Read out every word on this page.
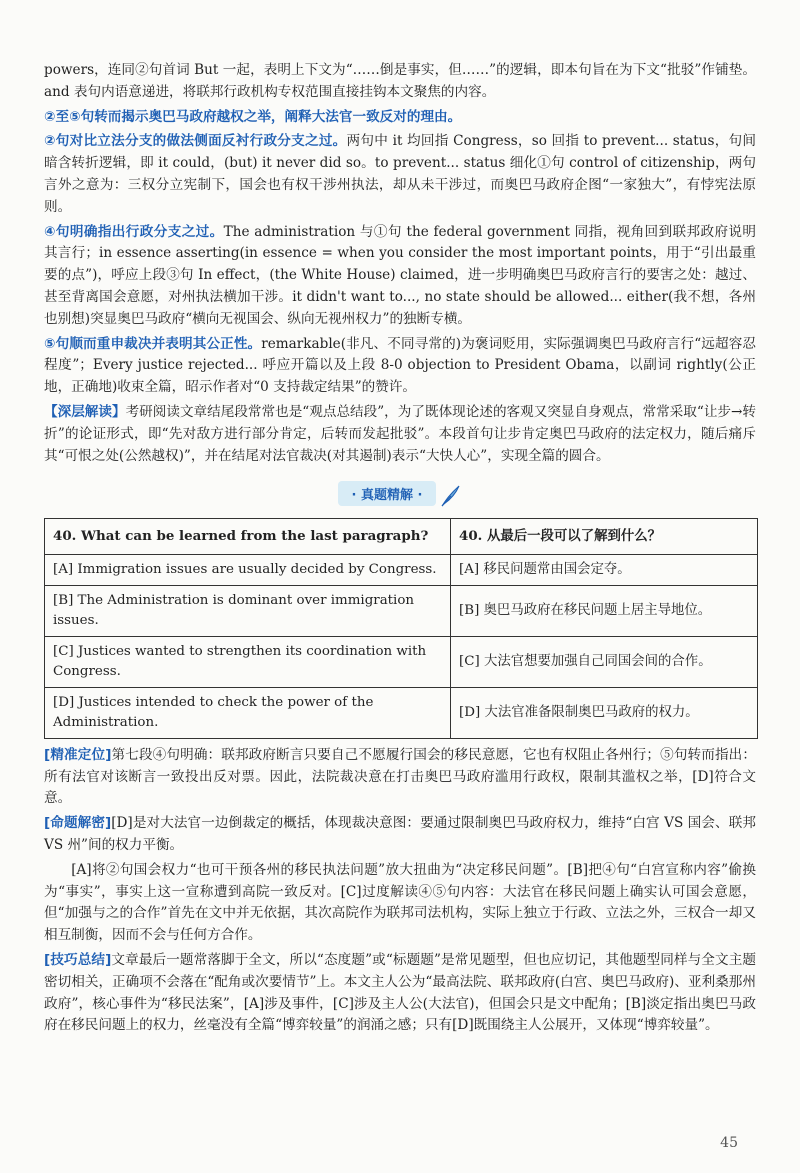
powers，连同②句首词 But 一起，表明上下文为“……倒是事实，但……”的逻辑，即本句旨在为下文“批驳”作铺垫。and 表句内语意递进，将联邦行政机构专权范围直接挂钩本文聚焦的内容。

②至⑤句转而揭示奥巴马政府越权之举，阐释大法官一致反对的理由。

②句对比立法分支的做法侧面反衬行政分支之过。两句中 it 均回指 Congress，so 回指 to prevent... status，句间暗含转折逻辑，即 it could，(but) it never did so。to prevent... status 细化①句 control of citizenship，两句言外之意为：三权分立宪制下，国会也有权干涉州执法，却从未干涉过，而奥巴马政府企图“一家独大”，有悖宪法原则。

④句明确指出行政分支之过。The administration 与①句 the federal government 同指，视角回到联邦政府说明其言行；in essence asserting(in essence = when you consider the most important points，用于“引出最重要的点”)，呼应上段③句 In effect，(the White House) claimed，进一步明确奥巴马政府言行的要害之处：越过、甚至背离国会意愿，对州执法横加干涉。it didn't want to..., no state should be allowed... either(我不想，各州也别想)突显奥巴马政府“横向无视国会、纵向无视州权力”的独断专横。

⑤句顺而重申裁决并表明其公正性。remarkable(非凡、不同寻常的)为褒词贬用，实际强调奥巴马政府言行“远超容忍程度”；Every justice rejected... 呼应开篇以及上段 8-0 objection to President Obama，以副词 rightly(公正地，正确地)收束全篇，昭示作者对“0 支持裁定结果”的赞许。

【深层解读】考研阅读文章结尾段常常也是“观点总结段”，为了既体现论述的客观又突显自身观点，常常采取“让步→转折”的论证形式，即“先对敌方进行部分肯定，后转而发起批驳”。本段首句让步肯定奥巴马政府的法定权力，随后痛斥其“可恨之处(公然越权)”，并在结尾对法官裁决(对其遏制)表示“大快人心”，实现全篇的圆合。

· 真题精解 ·
40. What can be learned from the last paragraph?	40. 从最后一段可以了解到什么？
[A] Immigration issues are usually decided by Congress.	[A] 移民问题常由国会定夺。
[B] The Administration is dominant over immigration issues.	[B] 奥巴马政府在移民问题上居主导地位。
[C] Justices wanted to strengthen its coordination with Congress.	[C] 大法官想要加强自己同国会间的合作。
[D] Justices intended to check the power of the Administration.	[D] 大法官准备限制奥巴马政府的权力。

[精准定位]第七段④句明确：联邦政府断言只要自己不愿履行国会的移民意愿，它也有权阻止各州行；⑤句转而指出：所有法官对该断言一致投出反对票。因此，法院裁决意在打击奥巴马政府滥用行政权，限制其滥权之举，[D]符合文意。

[命题解密][D]是对大法官一边倒裁定的概括，体现裁决意图：要通过限制奥巴马政府权力，维持“白宫 VS 国会、联邦 VS 州”间的权力平衡。

[A]将②句国会权力“也可干预各州的移民执法问题”放大扭曲为“决定移民问题”。[B]把④句“白宫宣称内容”偷换为“事实”，事实上这一宣称遭到高院一致反对。[C]过度解读④⑤句内容：大法官在移民问题上确实认可国会意愿，但“加强与之的合作”首先在文中并无依据，其次高院作为联邦司法机构，实际上独立于行政、立法之外，三权合一却又相互制衡，因而不会与任何方合作。

[技巧总结]文章最后一题常落脚于全文，所以“态度题”或“标题题”是常见题型，但也应切记，其他题型同样与全文主题密切相关，正确项不会落在“配角或次要情节”上。本文主人公为“最高法院、联邦政府(白宫、奥巴马政府)、亚利桑那州政府”，核心事件为“移民法案”，[A]涉及事件，[C]涉及主人公(大法官)，但国会只是文中配角；[B]淡定指出奥巴马政府在移民问题上的权力，丝毫没有全篇“博弈较量”的润涌之感；只有[D]既围绕主人公展开，又体现“博弈较量”。

45
